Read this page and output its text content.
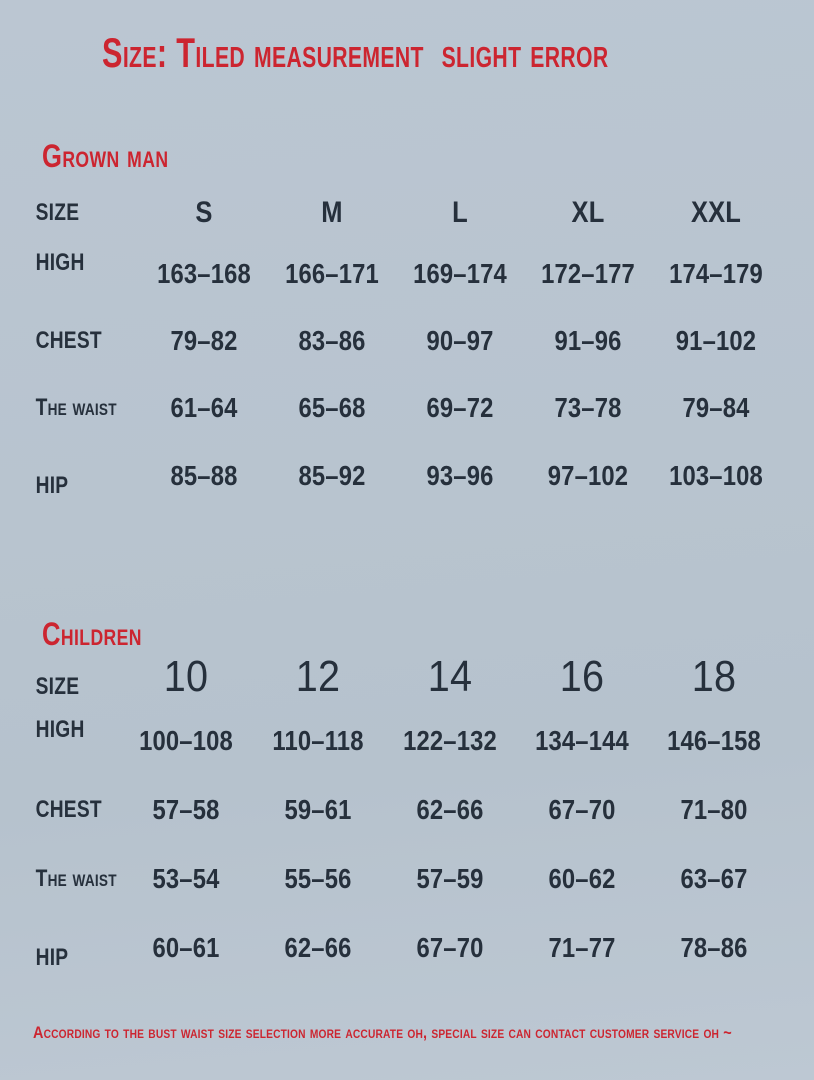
Size: Tiled measurement  slight error
Grown man
SIZE	S	M	L	XL	XXL
HIGH	163–168 166–171 169–174 172–177 174–179
CHEST	79–82	83–86	90–97	91–96	91–102
The waist	61–64	65–68	69–72	73–78	79–84
HIP	85–88	85–92	93–96	97–102	103–108
Children
SIZE	10	12	14	16	18
HIGH	100–108	110–118	122–132	134–144	146–158
CHEST	57–58	59–61	62–66	67–70	71–80
The waist	53–54	55–56	57–59	60–62	63–67
HIP	60–61	62–66	67–70	71–77	78–86

According to the bust waist size selection more accurate oh, special size can contact customer service oh ~
